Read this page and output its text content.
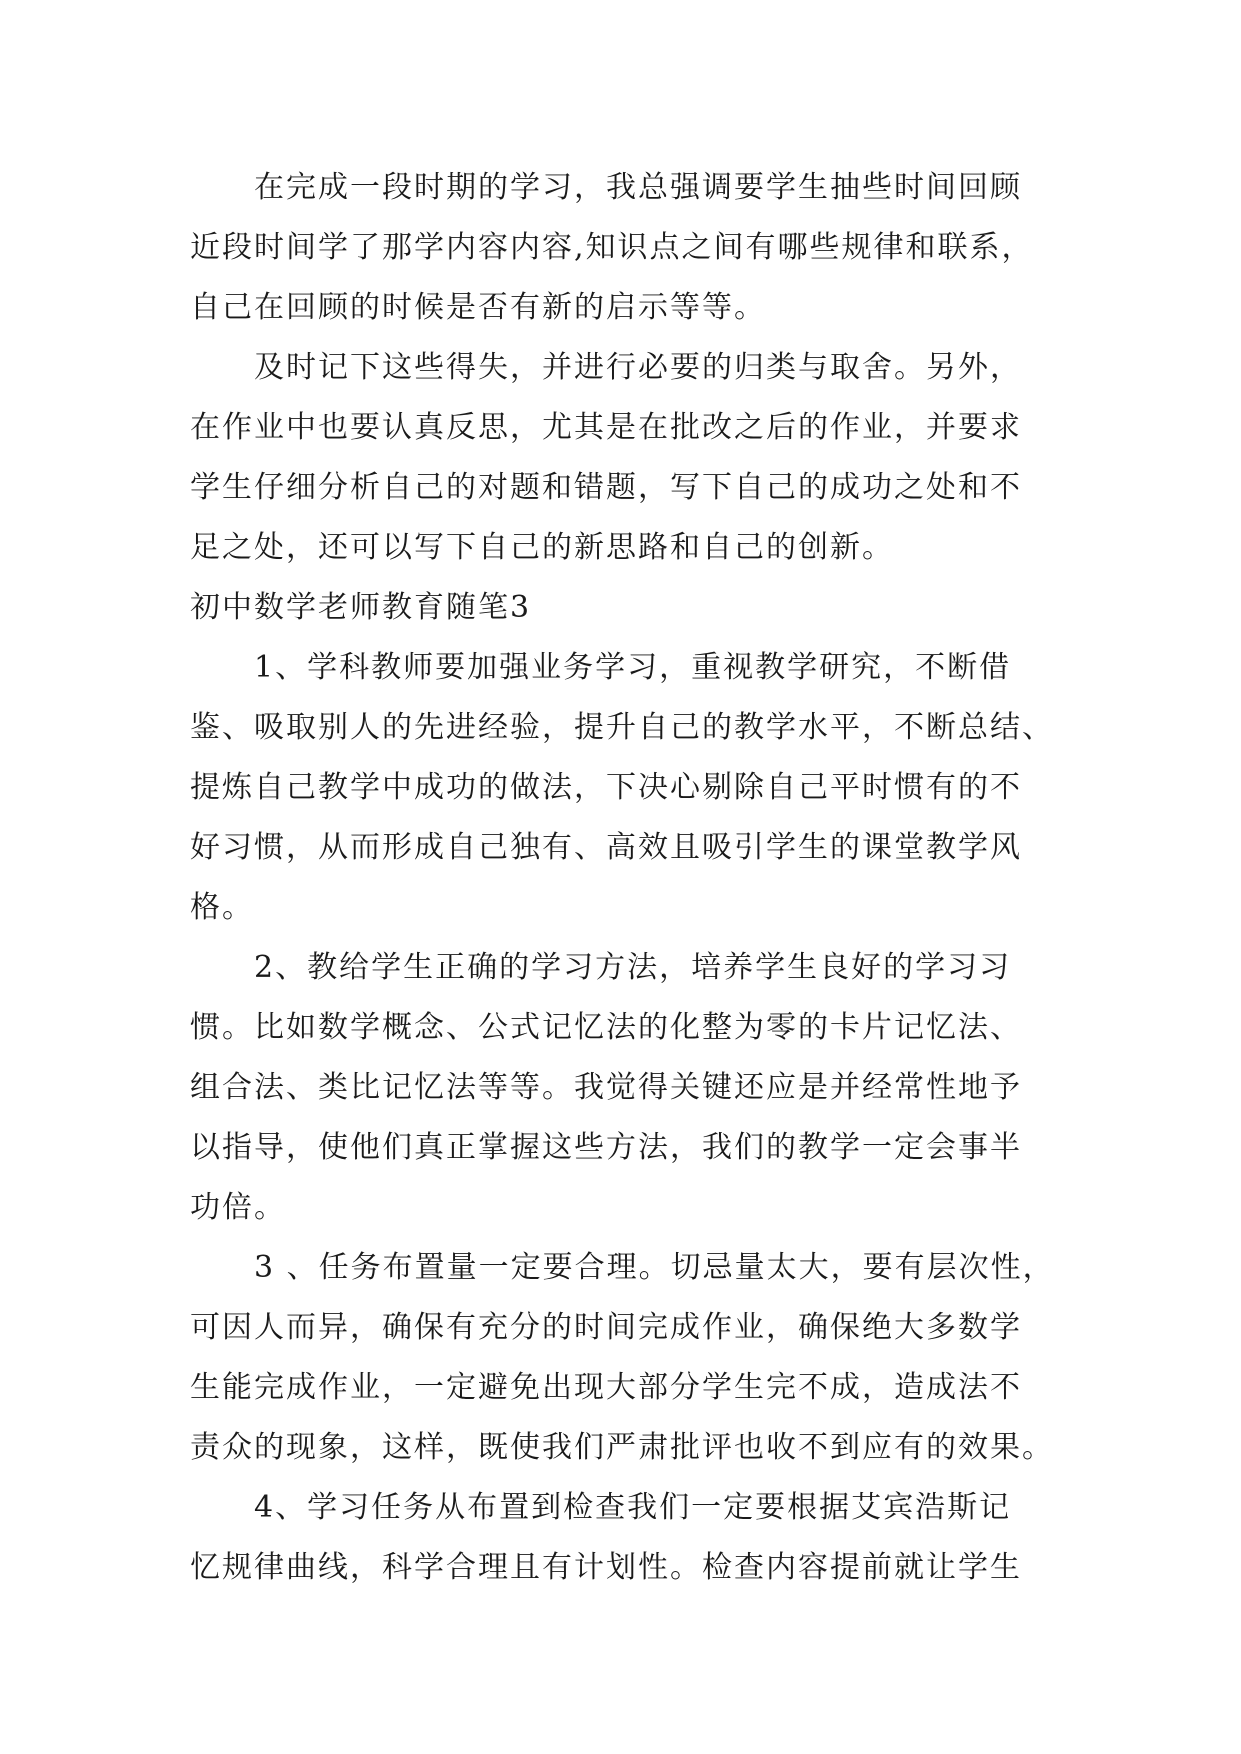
在完成一段时期的学习，我总强调要学生抽些时间回顾
近段时间学了那学内容内容,知识点之间有哪些规律和联系，
自己在回顾的时候是否有新的启示等等。
及时记下这些得失，并进行必要的归类与取舍。另外，
在作业中也要认真反思，尤其是在批改之后的作业，并要求
学生仔细分析自己的对题和错题，写下自己的成功之处和不
足之处，还可以写下自己的新思路和自己的创新。
初中数学老师教育随笔3
1、学科教师要加强业务学习，重视教学研究，不断借
鉴、吸取别人的先进经验，提升自己的教学水平，不断总结、
提炼自己教学中成功的做法，下决心剔除自己平时惯有的不
好习惯，从而形成自己独有、高效且吸引学生的课堂教学风
格。
2、教给学生正确的学习方法，培养学生良好的学习习
惯。比如数学概念、公式记忆法的化整为零的卡片记忆法、
组合法、类比记忆法等等。我觉得关键还应是并经常性地予
以指导，使他们真正掌握这些方法，我们的教学一定会事半
功倍。
3 、任务布置量一定要合理。切忌量太大，要有层次性，
可因人而异，确保有充分的时间完成作业，确保绝大多数学
生能完成作业，一定避免出现大部分学生完不成，造成法不
责众的现象，这样，既使我们严肃批评也收不到应有的效果。
4、学习任务从布置到检查我们一定要根据艾宾浩斯记
忆规律曲线，科学合理且有计划性。检查内容提前就让学生
